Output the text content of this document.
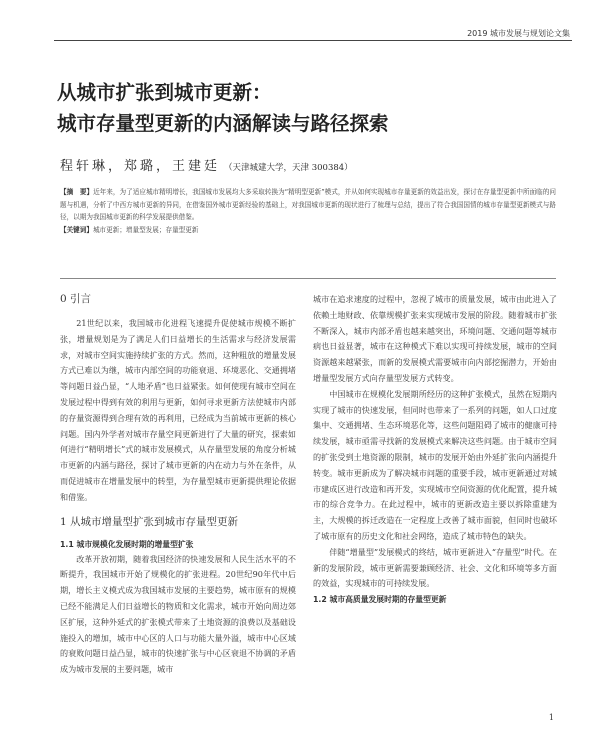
2019 城市发展与规划论文集
从城市扩张到城市更新：
城市存量型更新的内涵解读与路径探索
程轩琳，郑璐，王建廷 （天津城建大学，天津 300384）
【摘　要】近年来，为了适应城市精明增长，我国城市发展均大多采取转换为“精明型更新”模式，并从如何实现城市存量更新的效益出发，探讨在存量型更新中所面临的问题与机遇，分析了中西方城市更新的异同，在借鉴国外城市更新经验的基础上，对我国城市更新的现状进行了梳理与总结，提出了符合我国国情的城市存量型更新模式与路径，以期为我国城市更新的科学发展提供借鉴。
【关键词】城市更新；增量型发展；存量型更新
0 引言

21世纪以来，我国城市化进程飞速提升促使城市规模不断扩张，增量规划是为了满足人们日益增长的生活需求与经济发展需求，对城市空间实施持续扩张的方式。然而，这种粗放的增量发展方式已难以为继，城市内部空间的功能衰退、环境恶化、交通拥堵等问题日益凸显，“人地矛盾”也日益紧张。如何使现有城市空间在发展过程中得到有效的利用与更新，如何寻求更新方法使城市内部的存量资源得到合理有效的再利用，已经成为当前城市更新的核心问题。国内外学者对城市存量空间更新进行了大量的研究，探索如何进行“精明增长”式的城市发展模式，从存量型发展的角度分析城市更新的内涵与路径，探讨了城市更新的内在动力与外在条件，从而促进城市在增量发展中的转型，为存量型城市更新提供理论依据和借鉴。

1 从城市增量型扩张到城市存量型更新
1.1 城市规模化发展时期的增量型扩张

改革开放初期，随着我国经济的快速发展和人民生活水平的不断提升，我国城市开始了规模化的扩张进程。20世纪90年代中后期，增长主义模式成为我国城市发展的主要趋势，城市原有的规模已经不能满足人们日益增长的物质和文化需求，城市开始向周边郊区扩展，这种外延式的扩张模式带来了土地资源的浪费以及基础设施投入的增加，城市中心区的人口与功能大量外溢，城市中心区域的衰败问题日益凸显，城市的快速扩张与中心区衰退不协调的矛盾成为城市发展的主要问题，城市

城市在追求速度的过程中，忽视了城市的质量发展，城市由此进入了依赖土地财政、依靠规模扩张来实现城市发展的阶段。随着城市扩张不断深入，城市内部矛盾也越来越突出，环境问题、交通问题等城市病也日益显著，城市在这种模式下难以实现可持续发展，城市的空间资源越来越紧张，而新的发展模式需要城市向内部挖掘潜力，开始由增量型发展方式向存量型发展方式转变。

中国城市在规模化发展期所经历的这种扩张模式，虽然在短期内实现了城市的快速发展，但同时也带来了一系列的问题，如人口过度集中、交通拥堵、生态环境恶化等，这些问题阻碍了城市的健康可持续发展，城市亟需寻找新的发展模式来解决这些问题。由于城市空间的扩张受到土地资源的限制，城市的发展开始由外延扩张向内涵提升转变。城市更新成为了解决城市问题的重要手段，城市更新通过对城市建成区进行改造和再开发，实现城市空间资源的优化配置，提升城市的综合竞争力。在此过程中，城市的更新改造主要以拆除重建为主，大规模的拆迁改造在一定程度上改善了城市面貌，但同时也破坏了城市原有的历史文化和社会网络，造成了城市特色的缺失。

伴随“增量型”发展模式的终结，城市更新进入“存量型”时代。在新的发展阶段，城市更新需要兼顾经济、社会、文化和环境等多方面的效益，实现城市的可持续发展。

1.2 城市高质量发展时期的存量型更新
1
